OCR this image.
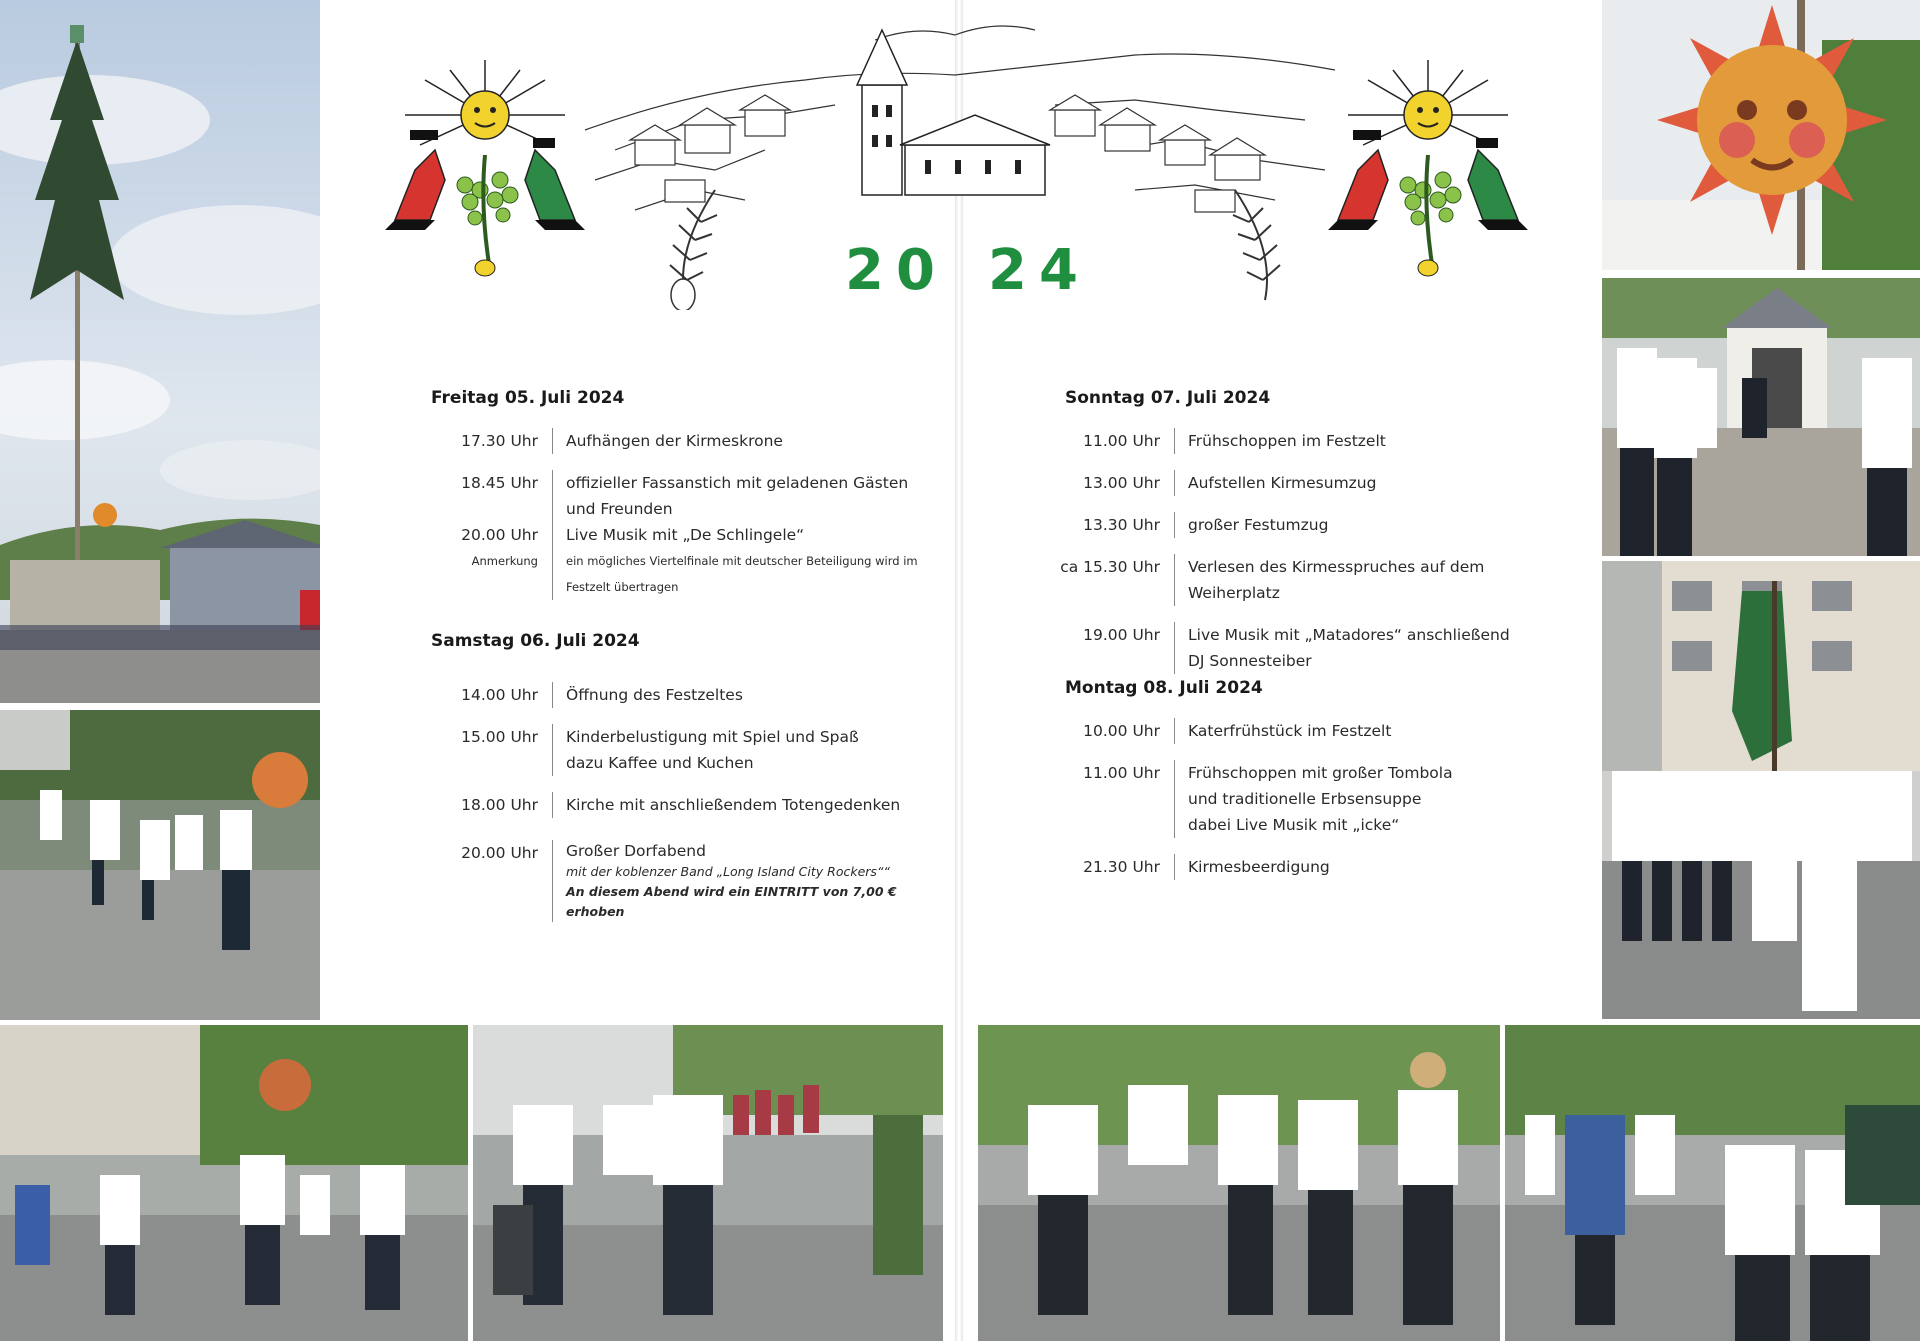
20 24
Freitag 05. Juli 2024
17.30 Uhr	Aufhängen der Kirmeskrone
18.45 Uhr	offizieller Fassanstich mit geladenen Gästen und Freunden
20.00 Uhr	Live Musik mit „De Schlingele“
Anmerkung	ein mögliches Viertelfinale mit deutscher Beteiligung wird im Festzelt übertragen
Samstag 06. Juli 2024
14.00 Uhr	Öffnung des Festzeltes
15.00 Uhr	Kinderbelustigung mit Spiel und Spaß
dazu Kaffee und Kuchen
18.00 Uhr	Kirche mit anschließendem Totengedenken
20.00 Uhr	Großer Dorfabend
mit der koblenzer Band „Long Island City Rockers““
An diesem Abend wird ein EINTRITT von 7,00 € erhoben
Sonntag 07. Juli 2024
11.00 Uhr	Frühschoppen im Festzelt
13.00 Uhr	Aufstellen Kirmesumzug
13.30 Uhr	großer Festumzug
ca 15.30 Uhr	Verlesen des Kirmesspruches auf dem Weiherplatz
19.00 Uhr	Live Musik mit „Matadores“ anschließend DJ Sonnesteiber
Montag 08. Juli 2024
10.00 Uhr	Katerfrühstück im Festzelt
11.00 Uhr	Frühschoppen mit großer Tombola
und traditionelle Erbsensuppe
dabei Live Musik mit „icke“
21.30 Uhr	Kirmesbeerdigung
